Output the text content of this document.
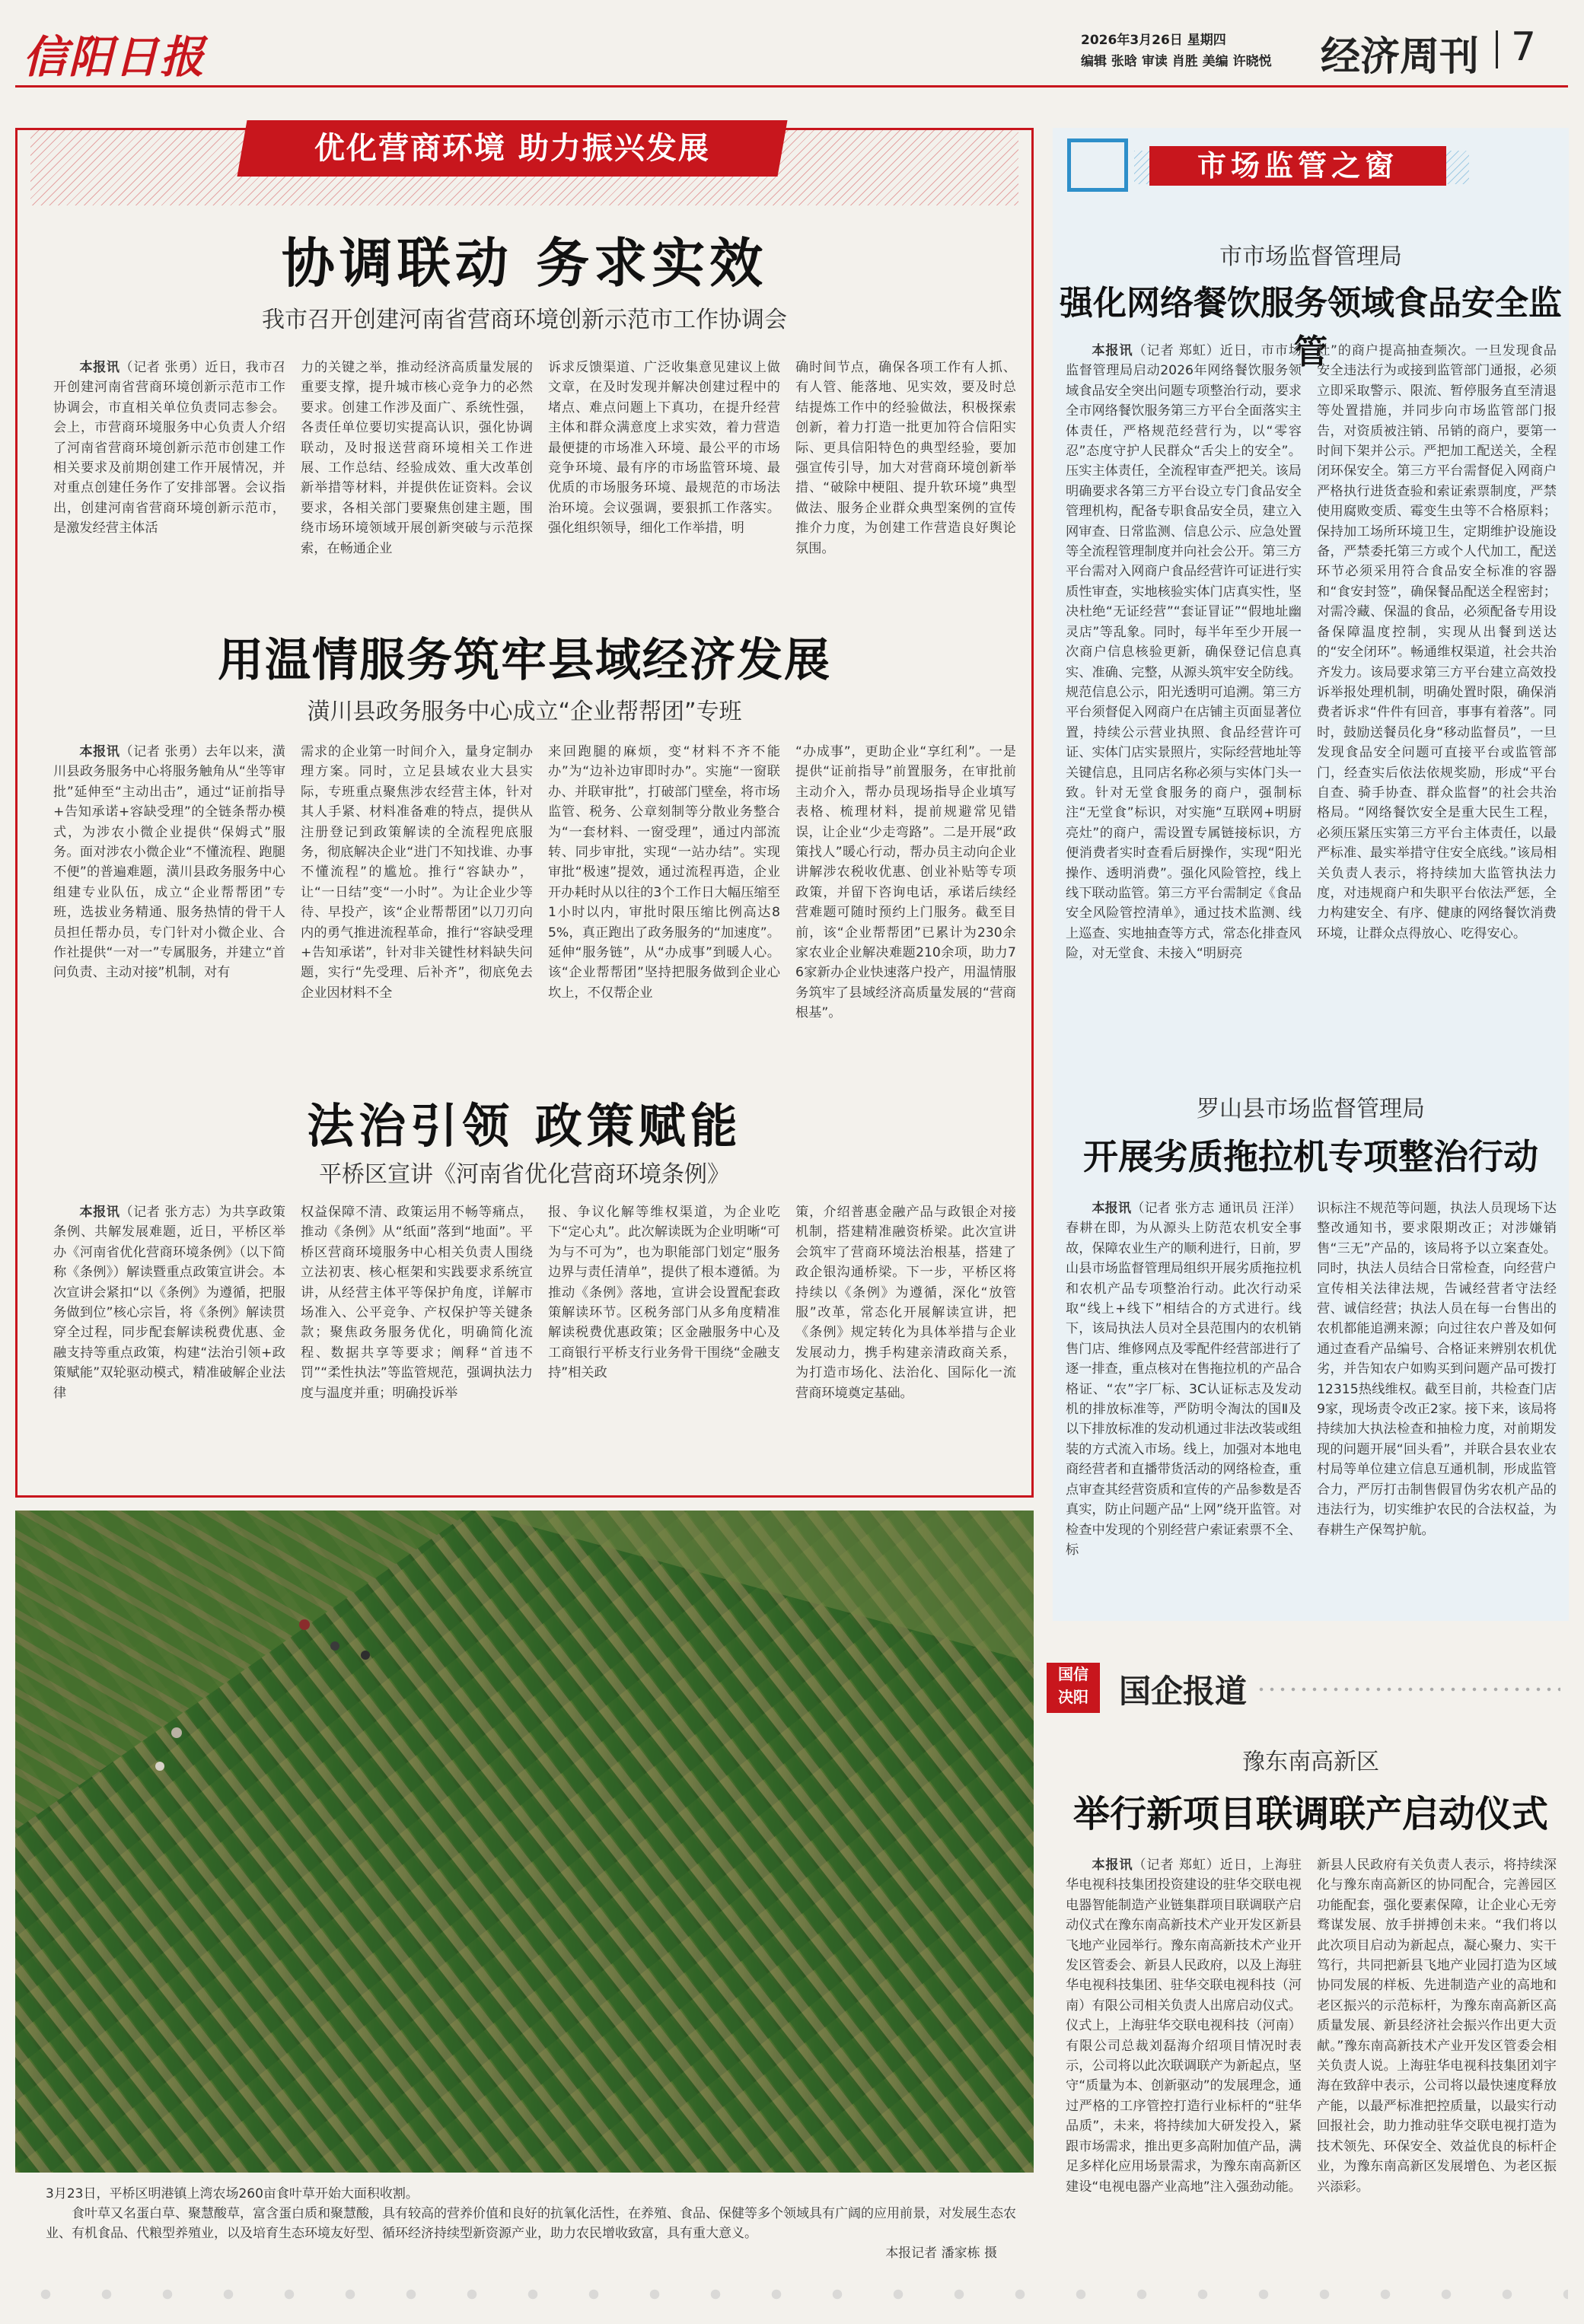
信阳日报	2026年3月26日 星期四
编辑 张晗 审读 肖胜 美编 许晓悦 经济周刊 7
优化营商环境 助力振兴发展
协调联动 务求实效
我市召开创建河南省营商环境创新示范市工作协调会
本报讯（记者 张勇）近日，我市召开创建河南省营商环境创新示范市工作协调会，市直相关单位负责同志参会。会上，市营商环境服务中心负责人介绍了河南省营商环境创新示范市创建工作相关要求及前期创建工作开展情况，并对重点创建任务作了安排部署。会议指出，创建河南省营商环境创新示范市，是激发经营主体活
力的关键之举，推动经济高质量发展的重要支撑，提升城市核心竞争力的必然要求。创建工作涉及面广、系统性强，各责任单位要切实提高认识，强化协调联动，及时报送营商环境相关工作进展、工作总结、经验成效、重大改革创新举措等材料，并提供佐证资料。会议要求，各相关部门要聚焦创建主题，围绕市场环境领域开展创新突破与示范探索，在畅通企业
诉求反馈渠道、广泛收集意见建议上做文章，在及时发现并解决创建过程中的堵点、难点问题上下真功，在提升经营主体和群众满意度上求实效，着力营造最便捷的市场准入环境、最公平的市场竞争环境、最有序的市场监管环境、最优质的市场服务环境、最规范的市场法治环境。会议强调，要狠抓工作落实。强化组织领导，细化工作举措，明
确时间节点，确保各项工作有人抓、有人管、能落地、见实效，要及时总结提炼工作中的经验做法，积极探索创新，着力打造一批更加符合信阳实际、更具信阳特色的典型经验，要加强宣传引导，加大对营商环境创新举措、“破除中梗阻、提升软环境”典型做法、服务企业群众典型案例的宣传推介力度，为创建工作营造良好舆论氛围。
用温情服务筑牢县域经济发展
潢川县政务服务中心成立“企业帮帮团”专班
本报讯（记者 张勇）去年以来，潢川县政务服务中心将服务触角从“坐等审批”延伸至“主动出击”，通过“证前指导+告知承诺+容缺受理”的全链条帮办模式，为涉农小微企业提供“保姆式”服务。面对涉农小微企业“不懂流程、跑腿不便”的普遍难题，潢川县政务服务中心组建专业队伍，成立“企业帮帮团”专班，选拔业务精通、服务热情的骨干人员担任帮办员，专门针对小微企业、合作社提供“一对一”专属服务，并建立“首问负责、主动对接”机制，对有
需求的企业第一时间介入，量身定制办理方案。同时，立足县域农业大县实际，专班重点聚焦涉农经营主体，针对其人手紧、材料准备难的特点，提供从注册登记到政策解读的全流程兜底服务，彻底解决企业“进门不知找谁、办事不懂流程”的尴尬。推行“容缺办”，让“一日结”变“一小时”。为让企业少等待、早投产，该“企业帮帮团”以刀刃向内的勇气推进流程革命，推行“容缺受理+告知承诺”，针对非关键性材料缺失问题，实行“先受理、后补齐”，彻底免去企业因材料不全
来回跑腿的麻烦，变“材料不齐不能办”为“边补边审即时办”。实施“一窗联办、并联审批”，打破部门壁垒，将市场监管、税务、公章刻制等分散业务整合为“一套材料、一窗受理”，通过内部流转、同步审批，实现“一站办结”。实现审批“极速”提效，通过流程再造，企业开办耗时从以往的3个工作日大幅压缩至1小时以内，审批时限压缩比例高达85%，真正跑出了政务服务的“加速度”。延伸“服务链”，从“办成事”到暖人心。该“企业帮帮团”坚持把服务做到企业心坎上，不仅帮企业
“办成事”，更助企业“享红利”。一是提供“证前指导”前置服务，在审批前主动介入，帮办员现场指导企业填写表格、梳理材料，提前规避常见错误，让企业“少走弯路”。二是开展“政策找人”暖心行动，帮办员主动向企业讲解涉农税收优惠、创业补贴等专项政策，并留下咨询电话，承诺后续经营难题可随时预约上门服务。截至目前，该“企业帮帮团”已累计为230余家农业企业解决难题210余项，助力76家新办企业快速落户投产，用温情服务筑牢了县域经济高质量发展的“营商根基”。
法治引领 政策赋能
平桥区宣讲《河南省优化营商环境条例》
本报讯（记者 张方志）为共享政策条例、共解发展难题，近日，平桥区举办《河南省优化营商环境条例》（以下简称《条例》）解读暨重点政策宣讲会。本次宣讲会紧扣“以《条例》为遵循，把服务做到位”核心宗旨，将《条例》解读贯穿全过程，同步配套解读税费优惠、金融支持等重点政策，构建“法治引领+政策赋能”双轮驱动模式，精准破解企业法律
权益保障不清、政策运用不畅等痛点，推动《条例》从“纸面”落到“地面”。平桥区营商环境服务中心相关负责人围绕立法初衷、核心框架和实践要求系统宣讲，从经营主体平等保护角度，详解市场准入、公平竞争、产权保护等关键条款；聚焦政务服务优化，明确简化流程、数据共享等要求；阐释“首违不罚”“柔性执法”等监管规范，强调执法力度与温度并重；明确投诉举
报、争议化解等维权渠道，为企业吃下“定心丸”。此次解读既为企业明晰“可为与不可为”，也为职能部门划定“服务边界与责任清单”，提供了根本遵循。为推动《条例》落地，宣讲会设置配套政策解读环节。区税务部门从多角度精准解读税费优惠政策；区金融服务中心及工商银行平桥支行业务骨干围绕“金融支持”相关政
策，介绍普惠金融产品与政银企对接机制，搭建精准融资桥梁。此次宣讲会筑牢了营商环境法治根基，搭建了政企银沟通桥梁。下一步，平桥区将持续以《条例》为遵循，深化“放管服”改革，常态化开展解读宣讲，把《条例》规定转化为具体举措与企业发展动力，携手构建亲清政商关系，为打造市场化、法治化、国际化一流营商环境奠定基础。
3月23日，平桥区明港镇上湾农场260亩食叶草开始大面积收割。
食叶草又名蛋白草、聚慧酸草，富含蛋白质和聚慧酸，具有较高的营养价值和良好的抗氧化活性，在养殖、食品、保健等多个领域具有广阔的应用前景，对发展生态农业、有机食品、代粮型养殖业，以及培育生态环境友好型、循环经济持续型新资源产业，助力农民增收致富，具有重大意义。
本报记者 潘家栋 摄
市场监管之窗
市市场监督管理局
强化网络餐饮服务领域食品安全监管
本报讯（记者 郑虹）近日，市市场监督管理局启动2026年网络餐饮服务领域食品安全突出问题专项整治行动，要求全市网络餐饮服务第三方平台全面落实主体责任，严格规范经营行为，以“零容忍”态度守护人民群众“舌尖上的安全”。压实主体责任，全流程审查严把关。该局明确要求各第三方平台设立专门食品安全管理机构，配备专职食品安全员，建立入网审查、日常监测、信息公示、应急处置等全流程管理制度并向社会公开。第三方平台需对入网商户食品经营许可证进行实质性审查，实地核验实体门店真实性，坚决杜绝“无证经营”“套证冒证”“假地址幽灵店”等乱象。同时，每半年至少开展一次商户信息核验更新，确保登记信息真实、准确、完整，从源头筑牢安全防线。规范信息公示，阳光透明可追溯。第三方平台须督促入网商户在店铺主页面显著位置，持续公示营业执照、食品经营许可证、实体门店实景照片，实际经营地址等关键信息，且同店名称必须与实体门头一致。针对无堂食服务的商户，强制标注“无堂食”标识，对实施“互联网+明厨亮灶”的商户，需设置专属链接标识，方便消费者实时查看后厨操作，实现“阳光操作、透明消费”。强化风险管控，线上线下联动监管。第三方平台需制定《食品安全风险管控清单》，通过技术监测、线上巡查、实地抽查等方式，常态化排查风险，对无堂食、未接入“明厨亮
灶”的商户提高抽查频次。一旦发现食品安全违法行为或接到监管部门通报，必须立即采取警示、限流、暂停服务直至清退等处置措施，并同步向市场监管部门报告，对资质被注销、吊销的商户，要第一时间下架并公示。严把加工配送关，全程闭环保安全。第三方平台需督促入网商户严格执行进货查验和索证索票制度，严禁使用腐败变质、霉变生虫等不合格原料；保持加工场所环境卫生，定期维护设施设备，严禁委托第三方或个人代加工，配送环节必须采用符合食品安全标准的容器和“食安封签”，确保餐品配送全程密封；对需冷藏、保温的食品，必须配备专用设备保障温度控制，实现从出餐到送达的“安全闭环”。畅通维权渠道，社会共治齐发力。该局要求第三方平台建立高效投诉举报处理机制，明确处置时限，确保消费者诉求“件件有回音，事事有着落”。同时，鼓励送餐员化身“移动监督员”，一旦发现食品安全问题可直接平台或监管部门，经查实后依法依规奖励，形成“平台自查、骑手协查、群众监督”的社会共治格局。“网络餐饮安全是重大民生工程，必须压紧压实第三方平台主体责任，以最严标准、最实举措守住安全底线。”该局相关负责人表示，将持续加大监管执法力度，对违规商户和失职平台依法严惩，全力构建安全、有序、健康的网络餐饮消费环境，让群众点得放心、吃得安心。
罗山县市场监督管理局
开展劣质拖拉机专项整治行动
本报讯（记者 张方志 通讯员 汪洋）春耕在即，为从源头上防范农机安全事故，保障农业生产的顺利进行，日前，罗山县市场监督管理局组织开展劣质拖拉机和农机产品专项整治行动。此次行动采取“线上+线下”相结合的方式进行。线下，该局执法人员对全县范围内的农机销售门店、维修网点及零配件经营部进行了逐一排查，重点核对在售拖拉机的产品合格证、“农”字厂标、3C认证标志及发动机的排放标准等，严防明令淘汰的国Ⅱ及以下排放标准的发动机通过非法改装或组装的方式流入市场。线上，加强对本地电商经营者和直播带货活动的网络检查，重点审查其经营资质和宣传的产品参数是否真实，防止问题产品“上网”绕开监管。对检查中发现的个别经营户索证索票不全、标
识标注不规范等问题，执法人员现场下达整改通知书，要求限期改正；对涉嫌销售“三无”产品的，该局将予以立案查处。同时，执法人员结合日常检查，向经营户宣传相关法律法规，告诫经营者守法经营、诚信经营；执法人员在每一台售出的农机都能追溯来源；向过往农户普及如何通过查看产品编号、合格证来辨别农机优劣，并告知农户如购买到问题产品可拨打12315热线维权。截至目前，共检查门店9家，现场责令改正2家。接下来，该局将持续加大执法检查和抽检力度，对前期发现的问题开展“回头看”，并联合县农业农村局等单位建立信息互通机制，形成监管合力，严厉打击制售假冒伪劣农机产品的违法行为，切实维护农民的合法权益，为春耕生产保驾护航。
国信
决阳 国企报道
豫东南高新区
举行新项目联调联产启动仪式
本报讯（记者 郑虹）近日，上海驻华电视科技集团投资建设的驻华交联电视电器智能制造产业链集群项目联调联产启动仪式在豫东南高新技术产业开发区新县飞地产业园举行。豫东南高新技术产业开发区管委会、新县人民政府，以及上海驻华电视科技集团、驻华交联电视科技（河南）有限公司相关负责人出席启动仪式。仪式上，上海驻华交联电视科技（河南）有限公司总裁刘磊海介绍项目情况时表示，公司将以此次联调联产为新起点，坚守“质量为本、创新驱动”的发展理念，通过严格的工序管控打造行业标杆的“驻华品质”，未来，将持续加大研发投入，紧跟市场需求，推出更多高附加值产品，满足多样化应用场景需求，为豫东南高新区建设“电视电器产业高地”注入强劲动能。
新县人民政府有关负责人表示，将持续深化与豫东南高新区的协同配合，完善园区功能配套，强化要素保障，让企业心无旁骛谋发展、放手拼搏创未来。“我们将以此次项目启动为新起点，凝心聚力、实干笃行，共同把新县飞地产业园打造为区域协同发展的样板、先进制造产业的高地和老区振兴的示范标杆，为豫东南高新区高质量发展、新县经济社会振兴作出更大贡献。”豫东南高新技术产业开发区管委会相关负责人说。上海驻华电视科技集团刘宇海在致辞中表示，公司将以最快速度释放产能，以最严标准把控质量，以最实行动回报社会，助力推动驻华交联电视打造为技术领先、环保安全、效益优良的标杆企业，为豫东南高新区发展增色、为老区振兴添彩。
